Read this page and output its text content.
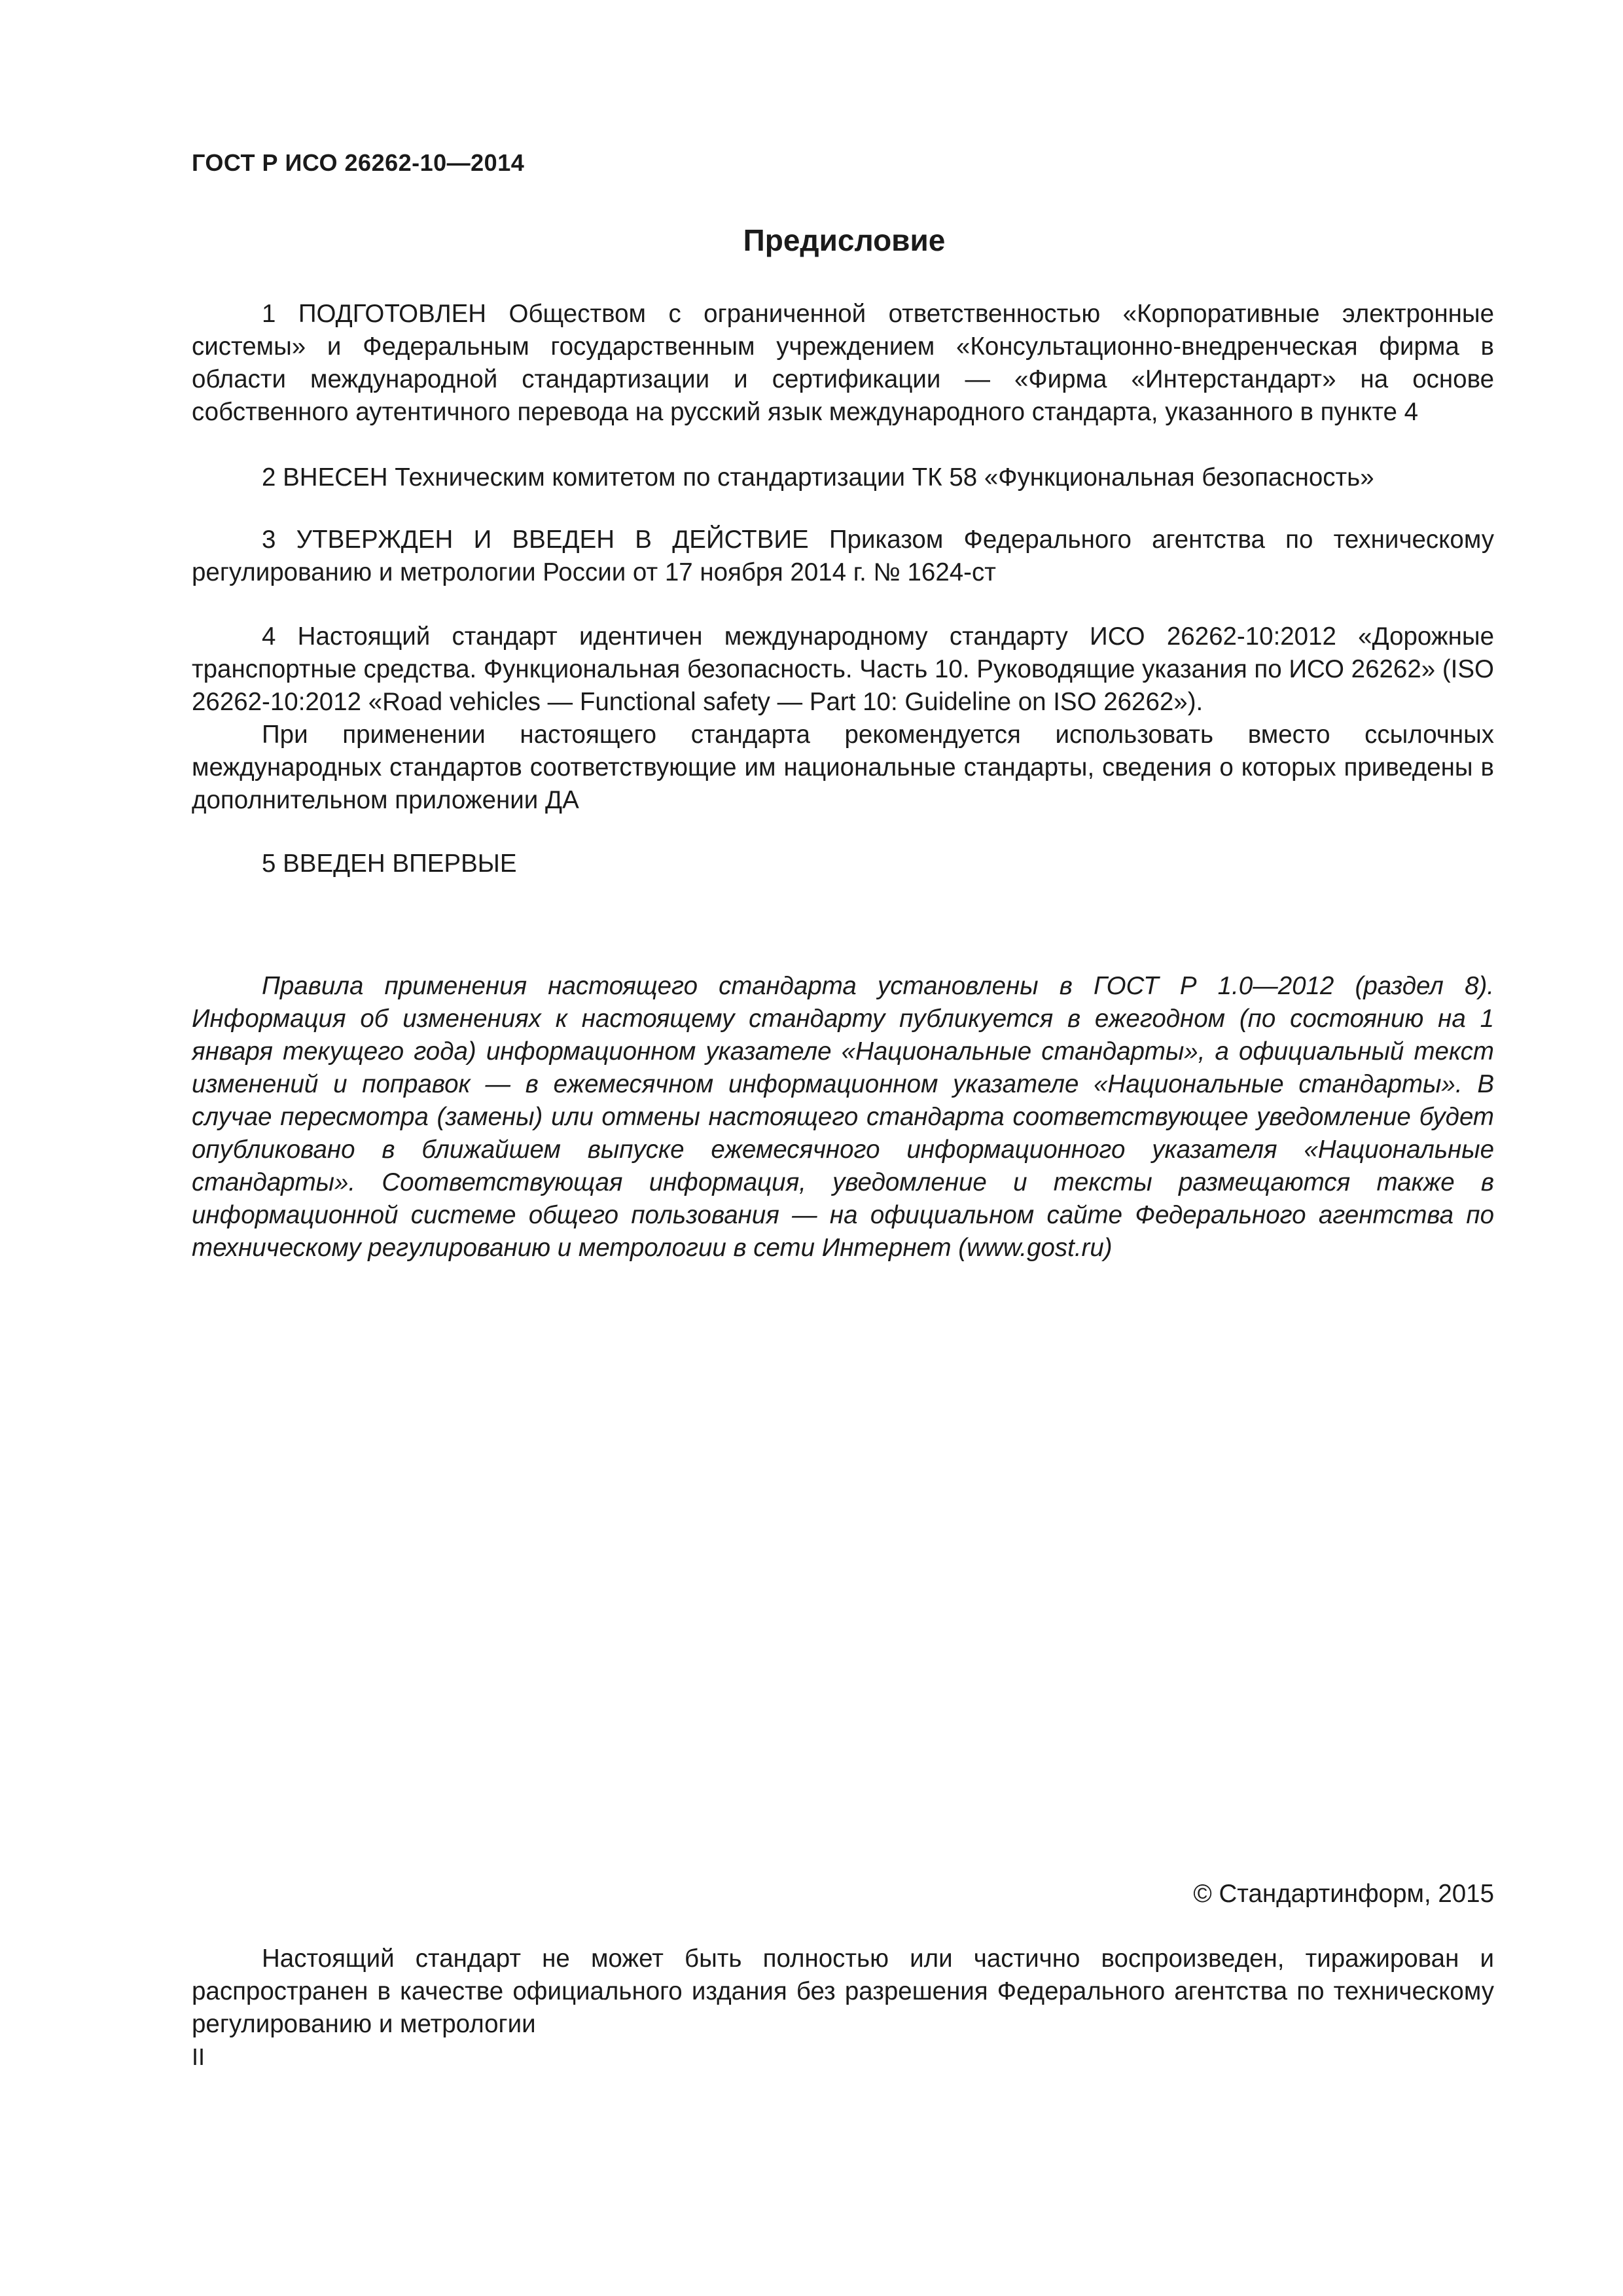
ГОСТ Р ИСО 26262-10—2014
Предисловие

1 ПОДГОТОВЛЕН Обществом с ограниченной ответственностью «Корпоративные электронные системы» и Федеральным государственным учреждением «Консультационно-внедренческая фирма в области международной стандартизации и сертификации — «Фирма «Интерстандарт» на основе собственного аутентичного перевода на русский язык международного стандарта, указанного в пункте 4

2 ВНЕСЕН Техническим комитетом по стандартизации ТК 58 «Функциональная безопасность»

3 УТВЕРЖДЕН И ВВЕДЕН В ДЕЙСТВИЕ Приказом Федерального агентства по техническому регулированию и метрологии России от 17 ноября 2014 г. № 1624-ст

4 Настоящий стандарт идентичен международному стандарту ИСО 26262-10:2012 «Дорожные транспортные средства. Функциональная безопасность. Часть 10. Руководящие указания по ИСО 26262» (ISO 26262-10:2012 «Road vehicles — Functional safety — Part 10: Guideline on ISO 26262»).

При применении настоящего стандарта рекомендуется использовать вместо ссылочных международных стандартов соответствующие им национальные стандарты, сведения о которых приведены в дополнительном приложении ДА

5 ВВЕДЕН ВПЕРВЫЕ

Правила применения настоящего стандарта установлены в ГОСТ Р 1.0—2012 (раздел 8). Информация об изменениях к настоящему стандарту публикуется в ежегодном (по состоянию на 1 января текущего года) информационном указателе «Национальные стандарты», а официальный текст изменений и поправок — в ежемесячном информационном указателе «Национальные стандарты». В случае пересмотра (замены) или отмены настоящего стандарта соответствующее уведомление будет опубликовано в ближайшем выпуске ежемесячного информационного указателя «Национальные стандарты». Соответствующая информация, уведомление и тексты размещаются также в информационной системе общего пользования — на официальном сайте Федерального агентства по техническому регулированию и метрологии в сети Интернет (www.gost.ru)

© Стандартинформ, 2015

Настоящий стандарт не может быть полностью или частично воспроизведен, тиражирован и распространен в качестве официального издания без разрешения Федерального агентства по техническому регулированию и метрологии

II
